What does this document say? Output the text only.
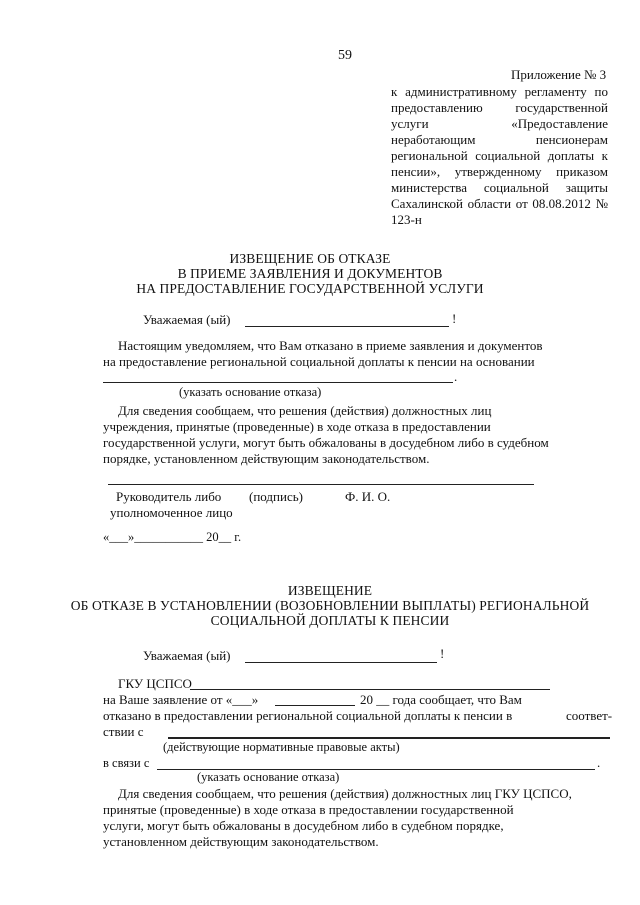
59
Приложение № 3
к административному регламенту по
предоставлению государственной
услуги «Предоставление
неработающим пенсионерам
региональной социальной доплаты к
пенсии», утвержденному приказом
министерства социальной защиты
Сахалинской области от 08.08.2012 №
123-н
ИЗВЕЩЕНИЕ ОБ ОТКАЗЕ
В ПРИЕМЕ ЗАЯВЛЕНИЯ И ДОКУМЕНТОВ
НА ПРЕДОСТАВЛЕНИЕ ГОСУДАРСТВЕННОЙ УСЛУГИ
Уважаемая (ый)	!
Настоящим уведомляем, что Вам отказано в приеме заявления и документов
на предоставление региональной социальной доплаты к пенсии на основании
.
(указать основание отказа)
Для сведения сообщаем, что решения (действия) должностных лиц
учреждения, принятые (проведенные) в ходе отказа в предоставлении
государственной услуги, могут быть обжалованы в досудебном либо в судебном
порядке, установленном действующим законодательством.
Руководитель либо (подпись)	Ф. И. О.
уполномоченное лицо
«___»___________ 20__ г.
ИЗВЕЩЕНИЕ
ОБ ОТКАЗЕ В УСТАНОВЛЕНИИ (ВОЗОБНОВЛЕНИИ ВЫПЛАТЫ) РЕГИОНАЛЬНОЙ
СОЦИАЛЬНОЙ ДОПЛАТЫ К ПЕНСИИ
Уважаемая (ый)	!
ГКУ ЦСПСО
на Ваше заявление от «___»	20 __ года сообщает, что Вам
отказано в предоставлении региональной социальной доплаты к пенсии в	соответ-
ствии с
(действующие нормативные правовые акты)
в связи с	.
(указать основание отказа)
Для сведения сообщаем, что решения (действия) должностных лиц ГКУ ЦСПСО,
принятые (проведенные) в ходе отказа в предоставлении государственной
услуги, могут быть обжалованы в досудебном либо в судебном порядке,
установленном действующим законодательством.
